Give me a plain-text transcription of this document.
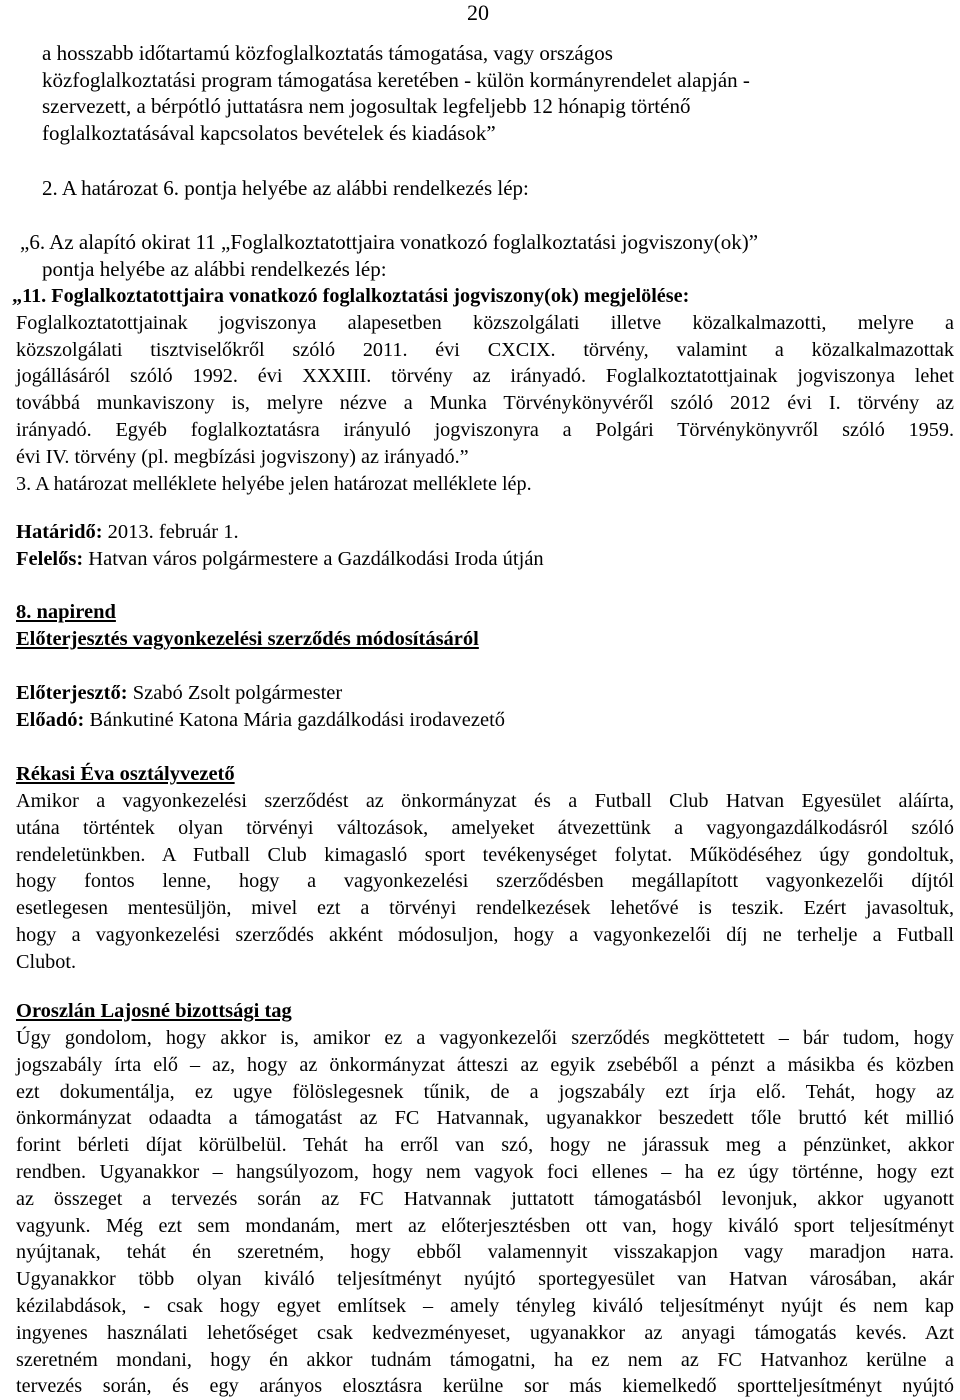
20
a hosszabb időtartamú közfoglalkoztatás támogatása, vagy országos
közfoglalkoztatási program támogatása keretében - külön kormányrendelet alapján -
szervezett, a bérpótló juttatásra nem jogosultak legfeljebb 12 hónapig történő
foglalkoztatásával kapcsolatos bevételek és kiadások”
2. A határozat 6. pontja helyébe az alábbi rendelkezés lép:
„6. Az alapító okirat 11 „Foglalkoztatottjaira vonatkozó foglalkoztatási jogviszony(ok)”
pontja helyébe az alábbi rendelkezés lép:
„11. Foglalkoztatottjaira vonatkozó foglalkoztatási jogviszony(ok) megjelölése:
Foglalkoztatottjainak jogviszonya alapesetben közszolgálati illetve közalkalmazotti, melyre a
közszolgálati tisztviselőkről szóló 2011. évi CXCIX. törvény, valamint a közalkalmazottak
jogállásáról szóló 1992. évi XXXIII. törvény az irányadó. Foglalkoztatottjainak jogviszonya lehet
továbbá munkaviszony is, melyre nézve a Munka Törvénykönyvéről szóló 2012 évi I. törvény az
irányadó. Egyéb foglalkoztatásra irányuló jogviszonyra a Polgári Törvénykönyvről szóló 1959.
évi IV. törvény (pl. megbízási jogviszony) az irányadó.”
3. A határozat melléklete helyébe jelen határozat melléklete lép.
Határidő: 2013. február 1.
Felelős: Hatvan város polgármestere a Gazdálkodási Iroda útján
8. napirend
Előterjesztés vagyonkezelési szerződés módosításáról
Előterjesztő: Szabó Zsolt polgármester
Előadó: Bánkutiné Katona Mária gazdálkodási irodavezető
Rékasi Éva osztályvezető
Amikor a vagyonkezelési szerződést az önkormányzat és a Futball Club Hatvan Egyesület aláírta,
utána történtek olyan törvényi változások, amelyeket átvezettünk a vagyongazdálkodásról szóló
rendeletünkben. A Futball Club kimagasló sport tevékenységet folytat. Működéséhez úgy gondoltuk,
hogy fontos lenne, hogy a vagyonkezelési szerződésben megállapított vagyonkezelői díjtól
esetlegesen mentesüljön, mivel ezt a törvényi rendelkezések lehetővé is teszik. Ezért javasoltuk,
hogy a vagyonkezelési szerződés akként módosuljon, hogy a vagyonkezelői díj ne terhelje a Futball
Clubot.
Oroszlán Lajosné bizottsági tag
Úgy gondolom, hogy akkor is, amikor ez a vagyonkezelői szerződés megköttetett – bár tudom, hogy
jogszabály írta elő – az, hogy az önkormányzat átteszi az egyik zsebéből a pénzt a másikba és közben
ezt dokumentálja, ez ugye fölöslegesnek tűnik, de a jogszabály ezt írja elő. Tehát, hogy az
önkormányzat odaadta a támogatást az FC Hatvannak, ugyanakkor beszedett tőle bruttó két millió
forint bérleti díjat körülbelül. Tehát ha erről van szó, hogy ne járassuk meg a pénzünket, akkor
rendben. Ugyanakkor – hangsúlyozom, hogy nem vagyok foci ellenes – ha ez úgy történne, hogy ezt
az összeget a tervezés során az FC Hatvannak juttatott támogatásból levonjuk, akkor ugyanott
vagyunk. Még ezt sem mondanám, mert az előterjesztésben ott van, hogy kiváló sport teljesítményt
nyújtanak, tehát én szeretném, hogy ebből valamennyit visszakapjon vagy maradjon ната.
Ugyanakkor több olyan kiváló teljesítményt nyújtó sportegyesület van Hatvan városában, akár
kézilabdások, - csak hogy egyet említsek – amely tényleg kiváló teljesítményt nyújt és nem kap
ingyenes használati lehetőséget csak kedvezményeset, ugyanakkor az anyagi támogatás kevés. Azt
szeretném mondani, hogy én akkor tudnám támogatni, ha ez nem az FC Hatvanhoz kerülne a
tervezés során, és egy arányos elosztásra kerülne sor más kiemelkedő sportteljesítményt nyújtó
